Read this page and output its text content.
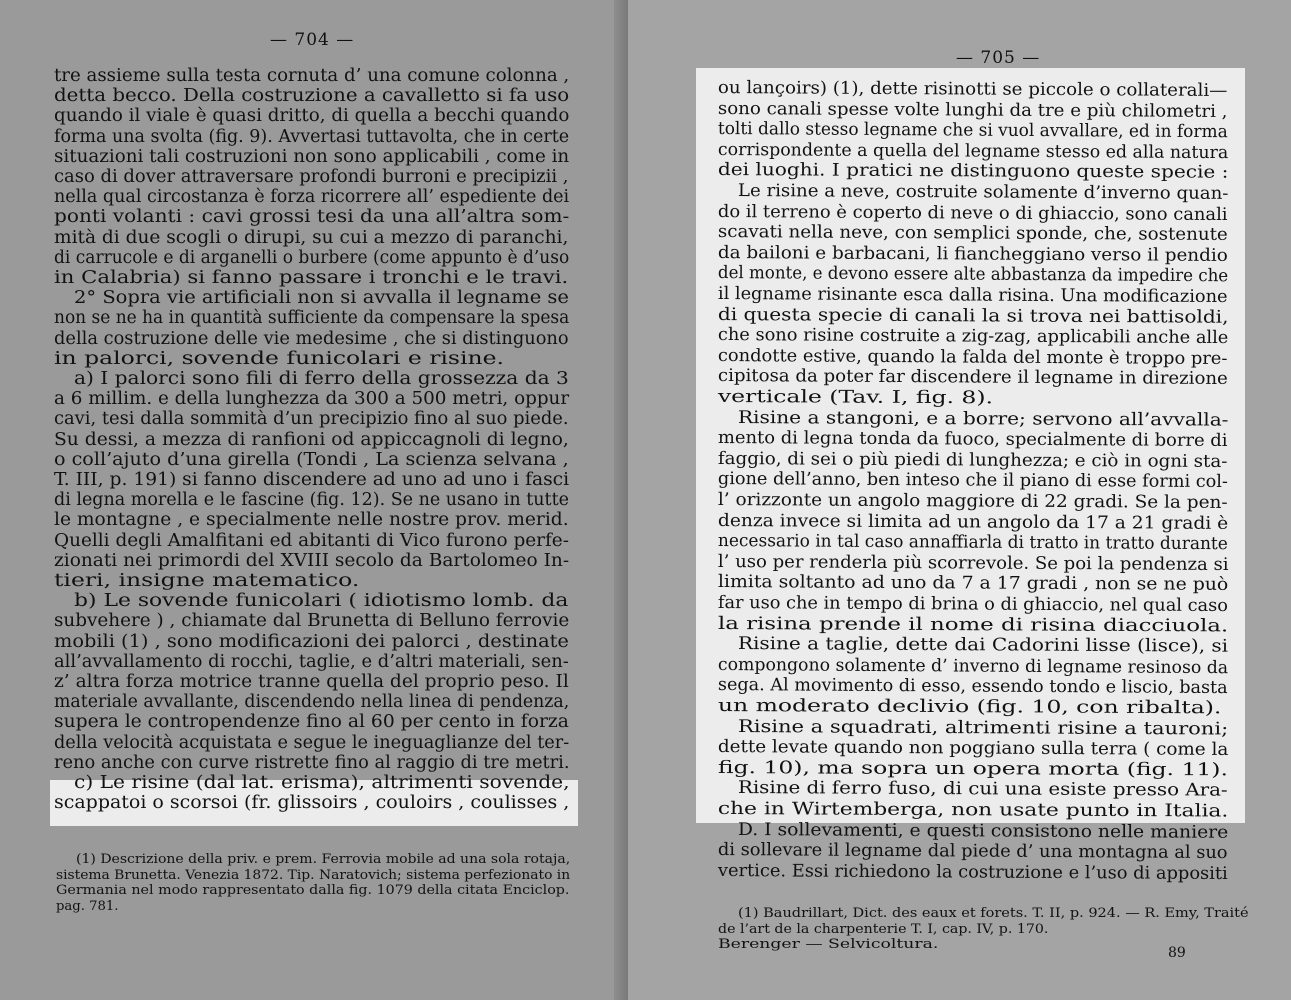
— 704 —
tre assieme sulla testa cornuta d’ una comune colonna ,
detta becco. Della costruzione a cavalletto si fa uso
quando il viale è quasi dritto, di quella a becchi quando
forma una svolta (fig. 9). Avvertasi tuttavolta, che in certe
situazioni tali costruzioni non sono applicabili , come in
caso di dover attraversare profondi burroni e precipizii ,
nella qual circostanza è forza ricorrere all’ espediente dei
ponti volanti : cavi grossi tesi da una all’altra som-
mità di due scogli o dirupi, su cui a mezzo di paranchi,
di carrucole e di arganelli o burbere (come appunto è d’uso
in Calabria) si fanno passare i tronchi e le travi.
2° Sopra vie artificiali non si avvalla il legname se
non se ne ha in quantità sufficiente da compensare la spesa
della costruzione delle vie medesime , che si distinguono
in palorci, sovende funicolari e risine.
a) I palorci sono fili di ferro della grossezza da 3
a 6 millim. e della lunghezza da 300 a 500 metri, oppur
cavi, tesi dalla sommità d’un precipizio fino al suo piede.
Su dessi, a mezza di ranfioni od appiccagnoli di legno,
o coll’ajuto d’una girella (Tondi , La scienza selvana ,
T. III, p. 191) si fanno discendere ad uno ad uno i fasci
di legna morella e le fascine (fig. 12). Se ne usano in tutte
le montagne , e specialmente nelle nostre prov. merid.
Quelli degli Amalfitani ed abitanti di Vico furono perfe-
zionati nei primordi del XVIII secolo da Bartolomeo In-
tieri, insigne matematico.
b) Le sovende funicolari ( idiotismo lomb. da
subvehere ) , chiamate dal Brunetta di Belluno ferrovie
mobili (1) , sono modificazioni dei palorci , destinate
all’avvallamento di rocchi, taglie, e d’altri materiali, sen-
z’ altra forza motrice tranne quella del proprio peso. Il
materiale avvallante, discendendo nella linea di pendenza,
supera le contropendenze fino al 60 per cento in forza
della velocità acquistata e segue le ineguaglianze del ter-
reno anche con curve ristrette fino al raggio di tre metri.
c) Le risine (dal lat. erisma), altrimenti sovende,
scappatoi o scorsoi (fr. glissoirs , couloirs , coulisses ,
(1) Descrizione della priv. e prem. Ferrovia mobile ad una sola rotaja,
sistema Brunetta. Venezia 1872. Tip. Naratovich; sistema perfezionato in
Germania nel modo rappresentato dalla fig. 1079 della citata Enciclop.
pag. 781.
— 705 —
(1) Baudrillart, Dict. des eaux et forets. T. II, p. 924. — R. Emy, Traité
de l’art de la charpenterie T. I, cap. IV, p. 170.
Berenger — Selvicoltura.
89
ou lançoirs) (1), dette risinotti se piccole o collaterali—
sono canali spesse volte lunghi da tre e più chilometri ,
tolti dallo stesso legname che si vuol avvallare, ed in forma
corrispondente a quella del legname stesso ed alla natura
dei luoghi. I pratici ne distinguono queste specie :
Le risine a neve, costruite solamente d’inverno quan-
do il terreno è coperto di neve o di ghiaccio, sono canali
scavati nella neve, con semplici sponde, che, sostenute
da bailoni e barbacani, li fiancheggiano verso il pendio
del monte, e devono essere alte abbastanza da impedire che
il legname risinante esca dalla risina. Una modificazione
di questa specie di canali la si trova nei battisoldi,
che sono risine costruite a zig-zag, applicabili anche alle
condotte estive, quando la falda del monte è troppo pre-
cipitosa da poter far discendere il legname in direzione
verticale (Tav. I, fig. 8).
Risine a stangoni, e a borre; servono all’avvalla-
mento di legna tonda da fuoco, specialmente di borre di
faggio, di sei o più piedi di lunghezza; e ciò in ogni sta-
gione dell’anno, ben inteso che il piano di esse formi col-
l’ orizzonte un angolo maggiore di 22 gradi. Se la pen-
denza invece si limita ad un angolo da 17 a 21 gradi è
necessario in tal caso annaffiarla di tratto in tratto durante
l’ uso per renderla più scorrevole. Se poi la pendenza si
limita soltanto ad uno da 7 a 17 gradi , non se ne può
far uso che in tempo di brina o di ghiaccio, nel qual caso
la risina prende il nome di risina diacciuola.
Risine a taglie, dette dai Cadorini lisse (lisce), si
compongono solamente d’ inverno di legname resinoso da
sega. Al movimento di esso, essendo tondo e liscio, basta
un moderato declivio (fig. 10, con ribalta).
Risine a squadrati, altrimenti risine a tauroni;
dette levate quando non poggiano sulla terra ( come la
fig. 10), ma sopra un opera morta (fig. 11).
Risine di ferro fuso, di cui una esiste presso Ara-
che in Wirtemberga, non usate punto in Italia.
D. I sollevamenti, e questi consistono nelle maniere
di sollevare il legname dal piede d’ una montagna al suo
vertice. Essi richiedono la costruzione e l’uso di appositi
